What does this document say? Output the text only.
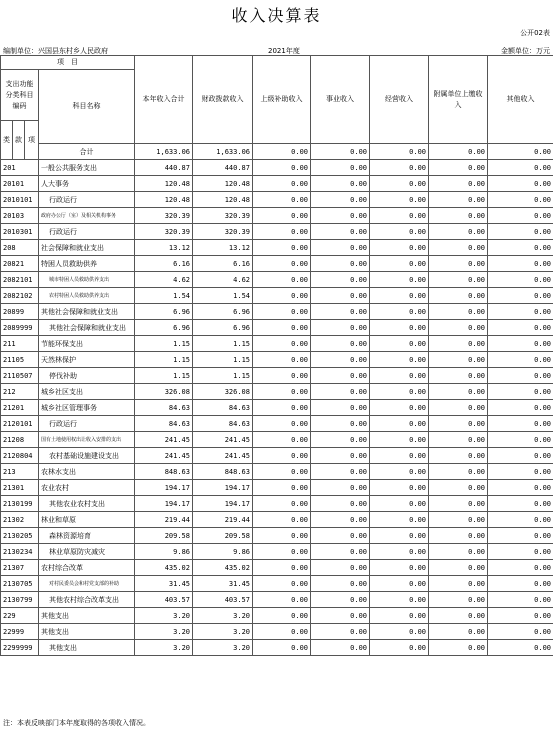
收入决算表
公开02表
编制单位：兴国县东村乡人民政府	2021年度	金额单位：万元
项　目				本年收入合计	财政拨款收入	上级补助收入	事业收入	经营收入	附属单位上缴收入	其他收入	
支出功能分类科目编码			科目名称								
类	款	项								
			合计	1,633.06	1,633.06	0.00	0.00	0.00	0.00	0.00	
201			一般公共服务支出	440.87	440.87	0.00	0.00	0.00	0.00	0.00	
20101			人大事务	120.48	120.48	0.00	0.00	0.00	0.00	0.00	
2010101			行政运行	120.48	120.48	0.00	0.00	0.00	0.00	0.00	
20103			政府办公厅（室）及相关机构事务	320.39	320.39	0.00	0.00	0.00	0.00	0.00	
2010301			行政运行	320.39	320.39	0.00	0.00	0.00	0.00	0.00	
208			社会保障和就业支出	13.12	13.12	0.00	0.00	0.00	0.00	0.00	
20821			特困人员救助供养	6.16	6.16	0.00	0.00	0.00	0.00	0.00	
2082101			城市特困人员救助供养支出	4.62	4.62	0.00	0.00	0.00	0.00	0.00	
2082102			农村特困人员救助供养支出	1.54	1.54	0.00	0.00	0.00	0.00	0.00	
20899			其他社会保障和就业支出	6.96	6.96	0.00	0.00	0.00	0.00	0.00	
2089999			其他社会保障和就业支出	6.96	6.96	0.00	0.00	0.00	0.00	0.00	
211			节能环保支出	1.15	1.15	0.00	0.00	0.00	0.00	0.00	
21105			天然林保护	1.15	1.15	0.00	0.00	0.00	0.00	0.00	
2110507			停伐补助	1.15	1.15	0.00	0.00	0.00	0.00	0.00	
212			城乡社区支出	326.08	326.08	0.00	0.00	0.00	0.00	0.00	
21201			城乡社区管理事务	84.63	84.63	0.00	0.00	0.00	0.00	0.00	
2120101			行政运行	84.63	84.63	0.00	0.00	0.00	0.00	0.00	
21208			国有土地使用权出让收入安排的支出	241.45	241.45	0.00	0.00	0.00	0.00	0.00	
2120804			农村基础设施建设支出	241.45	241.45	0.00	0.00	0.00	0.00	0.00	
213			农林水支出	848.63	848.63	0.00	0.00	0.00	0.00	0.00	
21301			农业农村	194.17	194.17	0.00	0.00	0.00	0.00	0.00	
2130199			其他农业农村支出	194.17	194.17	0.00	0.00	0.00	0.00	0.00	
21302			林业和草原	219.44	219.44	0.00	0.00	0.00	0.00	0.00	
2130205			森林资源培育	209.58	209.58	0.00	0.00	0.00	0.00	0.00	
2130234			林业草原防灾减灾	9.86	9.86	0.00	0.00	0.00	0.00	0.00	
21307			农村综合改革	435.02	435.02	0.00	0.00	0.00	0.00	0.00	
2130705			对村民委员会和村党支部的补助	31.45	31.45	0.00	0.00	0.00	0.00	0.00	
2130799			其他农村综合改革支出	403.57	403.57	0.00	0.00	0.00	0.00	0.00	
229			其他支出	3.20	3.20	0.00	0.00	0.00	0.00	0.00	
22999			其他支出	3.20	3.20	0.00	0.00	0.00	0.00	0.00	
2299999			其他支出	3.20	3.20	0.00	0.00	0.00	0.00	0.00	
注：本表反映部门本年度取得的各项收入情况。
